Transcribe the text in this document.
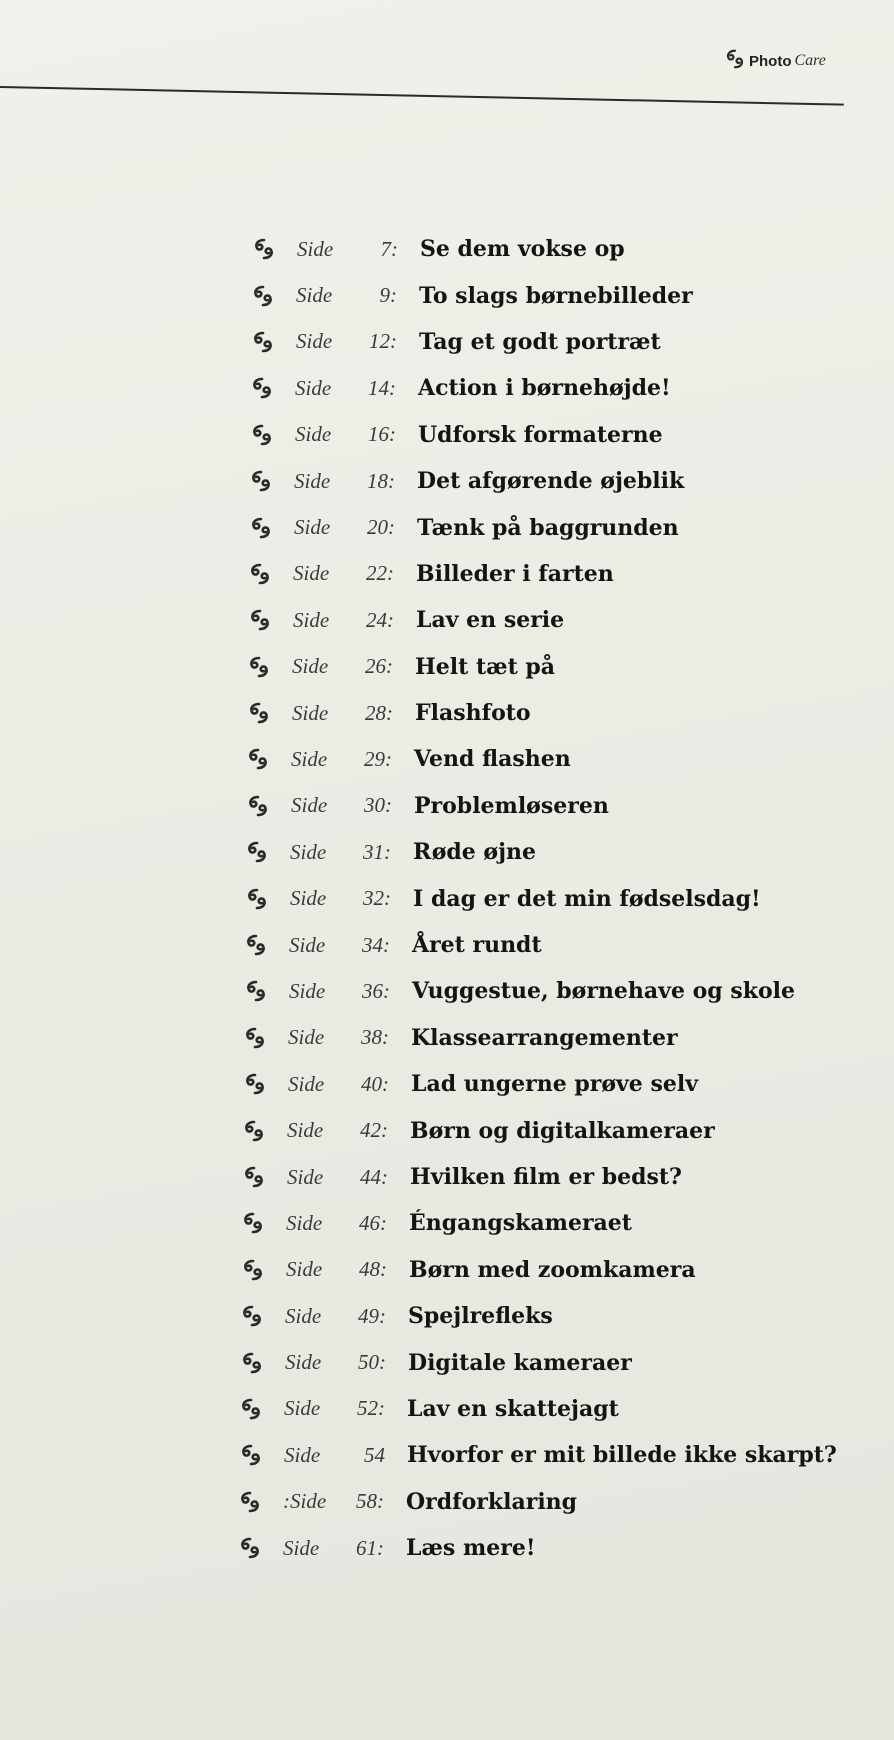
Photo Care
Side	7: Se dem vokse op
Side	9: To slags børnebilleder
Side	12: Tag et godt portræt
Side	14: Action i børnehøjde!
Side	16: Udforsk formaterne
Side	18: Det afgørende øjeblik
Side	20: Tænk på baggrunden
Side	22: Billeder i farten
Side	24: Lav en serie
Side	26: Helt tæt på
Side	28: Flashfoto
Side	29: Vend flashen
Side	30: Problemløseren
Side	31: Røde øjne
Side	32: I dag er det min fødselsdag!
Side	34: Året rundt
Side	36: Vuggestue, børnehave og skole
Side	38: Klassearrangementer
Side	40: Lad ungerne prøve selv
Side	42: Børn og digitalkameraer
Side	44: Hvilken film er bedst?
Side	46: Éngangskameraet
Side	48: Børn med zoomkamera
Side	49: Spejlrefleks
Side	50: Digitale kameraer
Side	52: Lav en skattejagt
Side	54 Hvorfor er mit billede ikke skarpt?
:Side	58: Ordforklaring
Side	61: Læs mere!
